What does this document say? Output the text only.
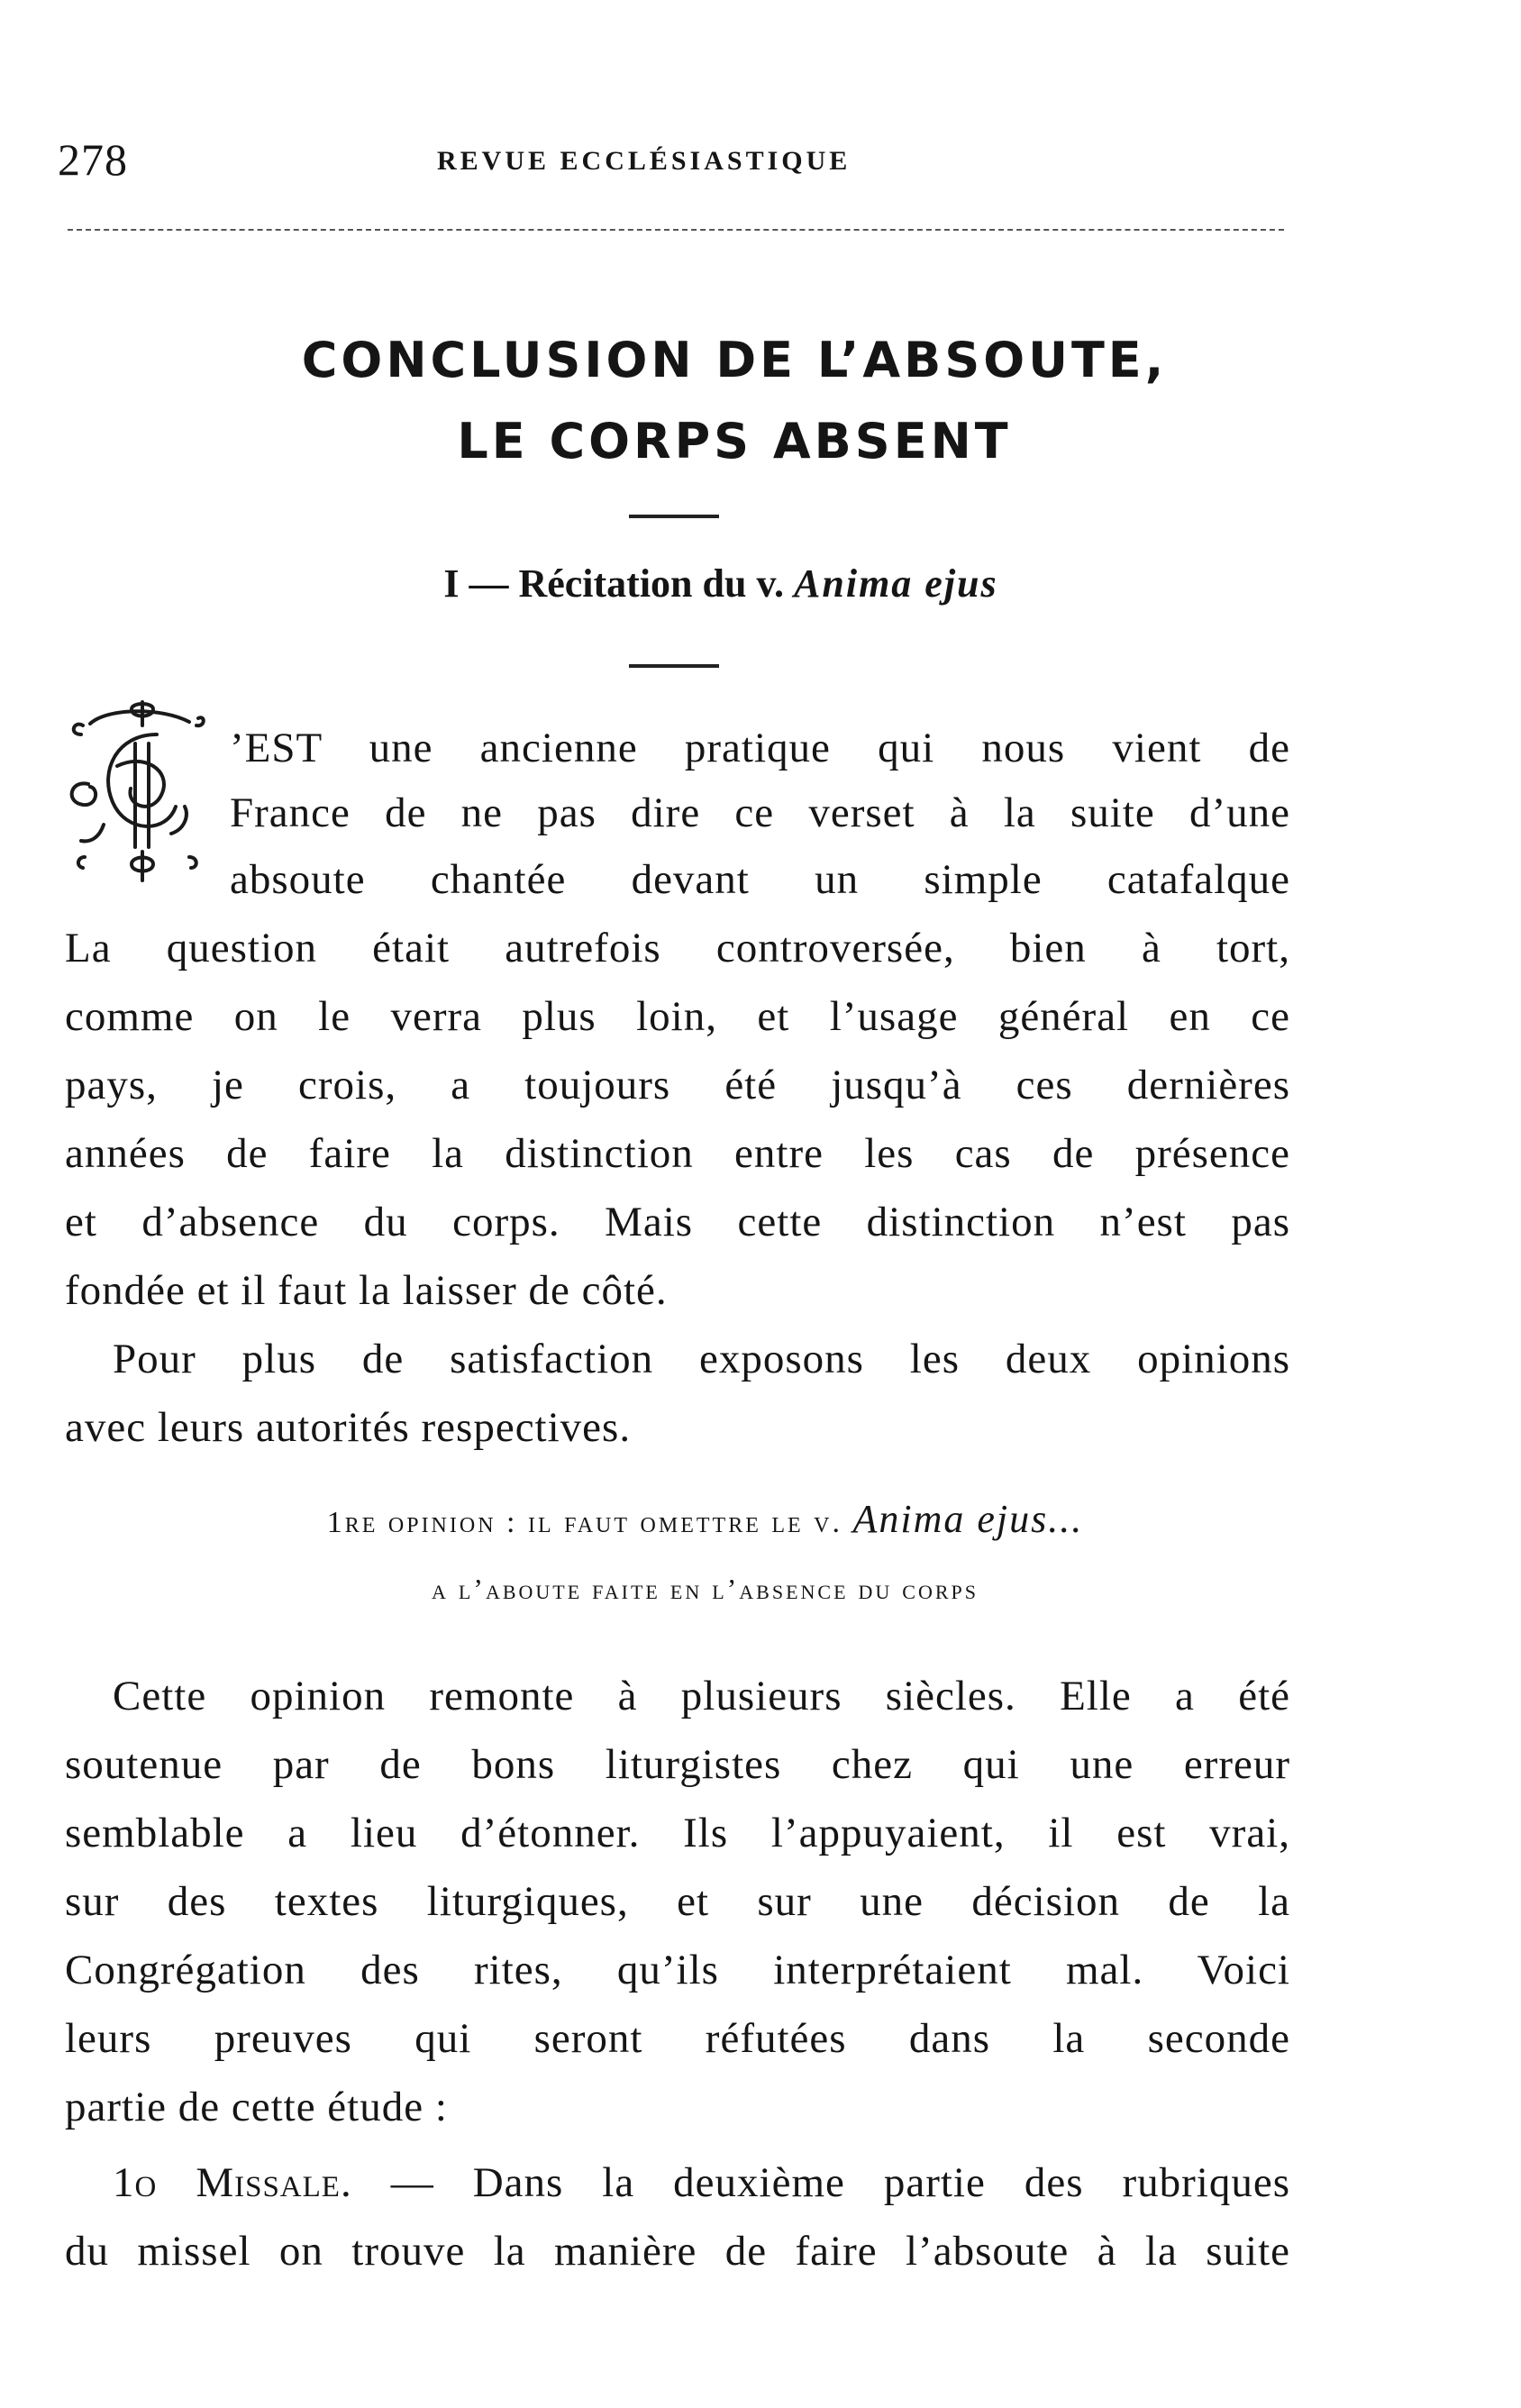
278	REVUE ECCLÉSIASTIQUE
CONCLUSION DE L’ABSOUTE,
LE CORPS ABSENT
I — Récitation du v. Anima ejus
’EST une ancienne pratique qui nous vient de
France de ne pas dire ce verset à la suite d’une
absoute chantée devant un simple catafalque
La question était autrefois controversée, bien à tort,
comme on le verra plus loin, et l’usage général en ce
pays, je crois, a toujours été jusqu’à ces dernières
années de faire la distinction entre les cas de présence
et d’absence du corps. Mais cette distinction n’est pas
fondée et il faut la laisser de côté.
Pour plus de satisfaction exposons les deux opinions
avec leurs autorités respectives.
1re opinion : il faut omettre le v. Anima ejus...
a l’aboute faite en l’absence du corps
Cette opinion remonte à plusieurs siècles. Elle a été
soutenue par de bons liturgistes chez qui une erreur
semblable a lieu d’étonner. Ils l’appuyaient, il est vrai,
sur des textes liturgiques, et sur une décision de la
Congrégation des rites, qu’ils interprétaient mal. Voici
leurs preuves qui seront réfutées dans la seconde
partie de cette étude :
1o Missale. — Dans la deuxième partie des rubriques
du missel on trouve la manière de faire l’absoute à la suite
